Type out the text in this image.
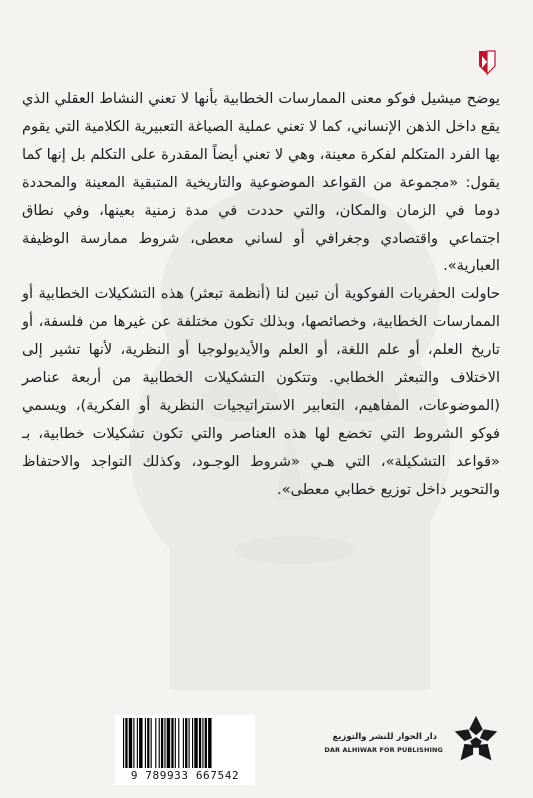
يوضح ميشيل فوكو معنى الممارسات الخطابية بأنها لا تعني النشاط العقلي الذي يقع داخل الذهن الإنساني، كما لا تعني عملية الصياغة التعبيرية الكلامية التي يقوم بها الفرد المتكلم لفكرة معينة، وهي لا تعني أيضاً المقدرة على التكلم بل إنها كما يقول: «مجموعة من القواعد الموضوعية والتاريخية المتبقية المعينة والمحددة دوما في الزمان والمكان، والتي حددت في مدة زمنية بعينها، وفي نطاق اجتماعي واقتصادي وجغرافي أو لساني معطى، شروط ممارسة الوظيفة العبارية».

حاولت الحفريات الفوكوية أن تبين لنا (أنظمة تبعثر) هذه التشكيلات الخطابية أو الممارسات الخطابية، وخصائصها، وبذلك تكون مختلفة عن غيرها من فلسفة، أو تاريخ العلم، أو علم اللغة، أو العلم والأيديولوجيا أو النظرية، لأنها تشير إلى الاختلاف والتبعثر الخطابي. وتتكون التشكيلات الخطابية من أربعة عناصر (الموضوعات، المفاهيم، التعابير الاستراتيجيات النظرية أو الفكرية)، ويسمي فوكو الشروط التي تخضع لها هذه العناصر والتي تكون تشكيلات خطابية، بـ «قواعد التشكيلة»، التي هـي «شروط الوجـود، وكذلك التواجد والاحتفاظ والتحوير داخل توزيع خطابي معطى».

9 789933 667542
دار الحوار للنشر والتوزيع
DAR ALHIWAR FOR PUBLISHING
